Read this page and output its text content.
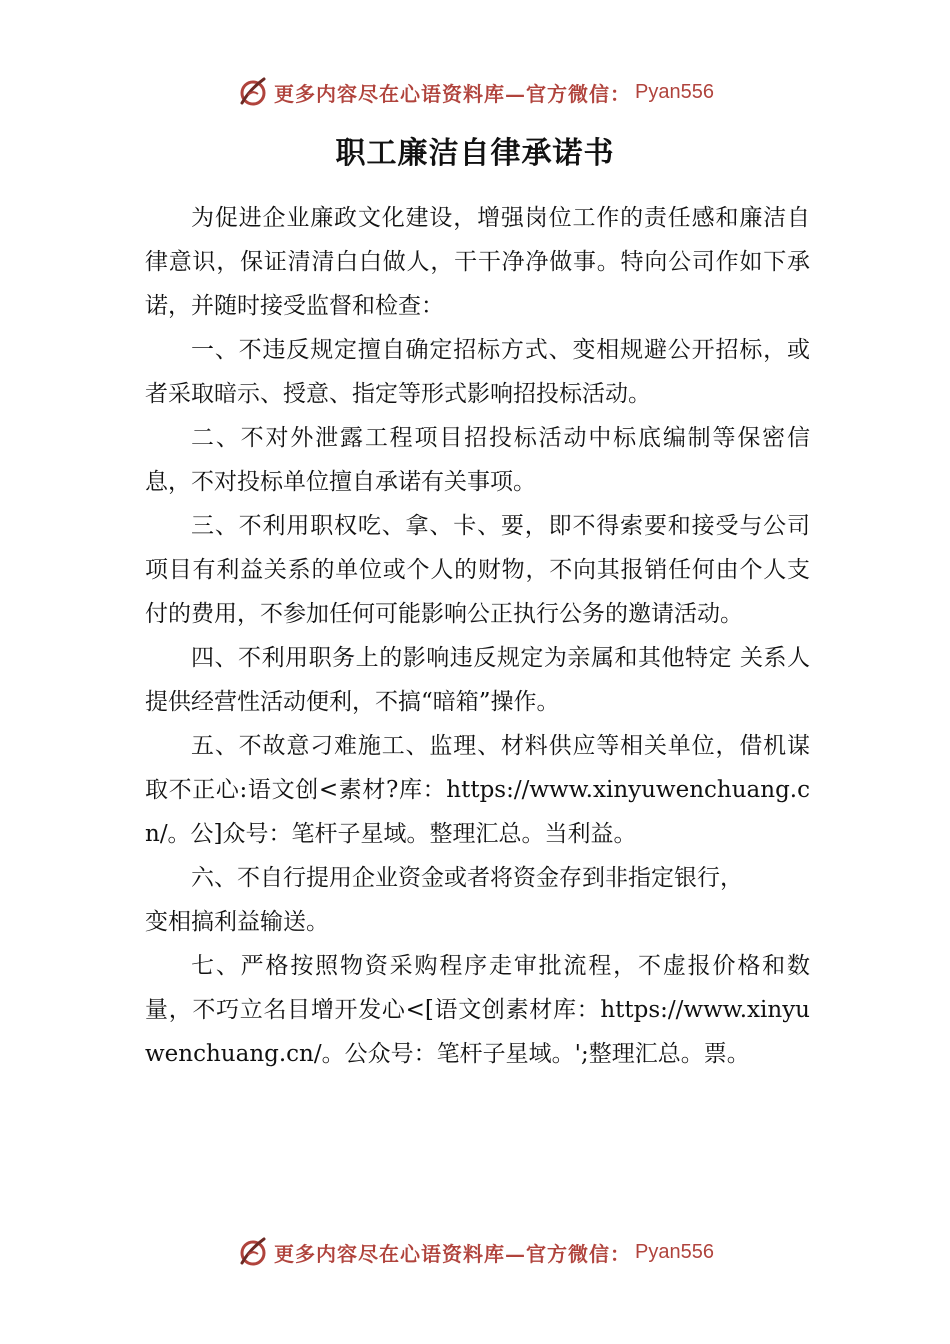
更多内容尽在心语资料库—官方微信： Pyan556
职工廉洁自律承诺书

为促进企业廉政文化建设，增强岗位工作的责任感和廉洁自律意识，保证清清白白做人，干干净净做事。特向公司作如下承诺，并随时接受监督和检查：

一、不违反规定擅自确定招标方式、变相规避公开招标，或者采取暗示、授意、指定等形式影响招投标活动。

二、不对外泄露工程项目招投标活动中标底编制等保密信息，不对投标单位擅自承诺有关事项。

三、不利用职权吃、拿、卡、要，即不得索要和接受与公司项目有利益关系的单位或个人的财物，不向其报销任何由个人支付的费用，不参加任何可能影响公正执行公务的邀请活动。

四、不利用职务上的影响违反规定为亲属和其他特定 关系人提供经营性活动便利，不搞“暗箱”操作。

五、不故意刁难施工、监理、材料供应等相关单位，借机谋取不正心:语文创<素材?库：https://www.xinyuwenchuang.cn/。公]众号：笔杆子星域。整理汇总。当利益。

六、不自行提用企业资金或者将资金存到非指定银行，

变相搞利益输送。

七、严格按照物资采购程序走审批流程，不虚报价格和数量，不巧立名目增开发心<[语文创素材库：https://www.xinyuwenchuang.cn/。公众号：笔杆子星域。';整理汇总。票。

更多内容尽在心语资料库—官方微信： Pyan556
